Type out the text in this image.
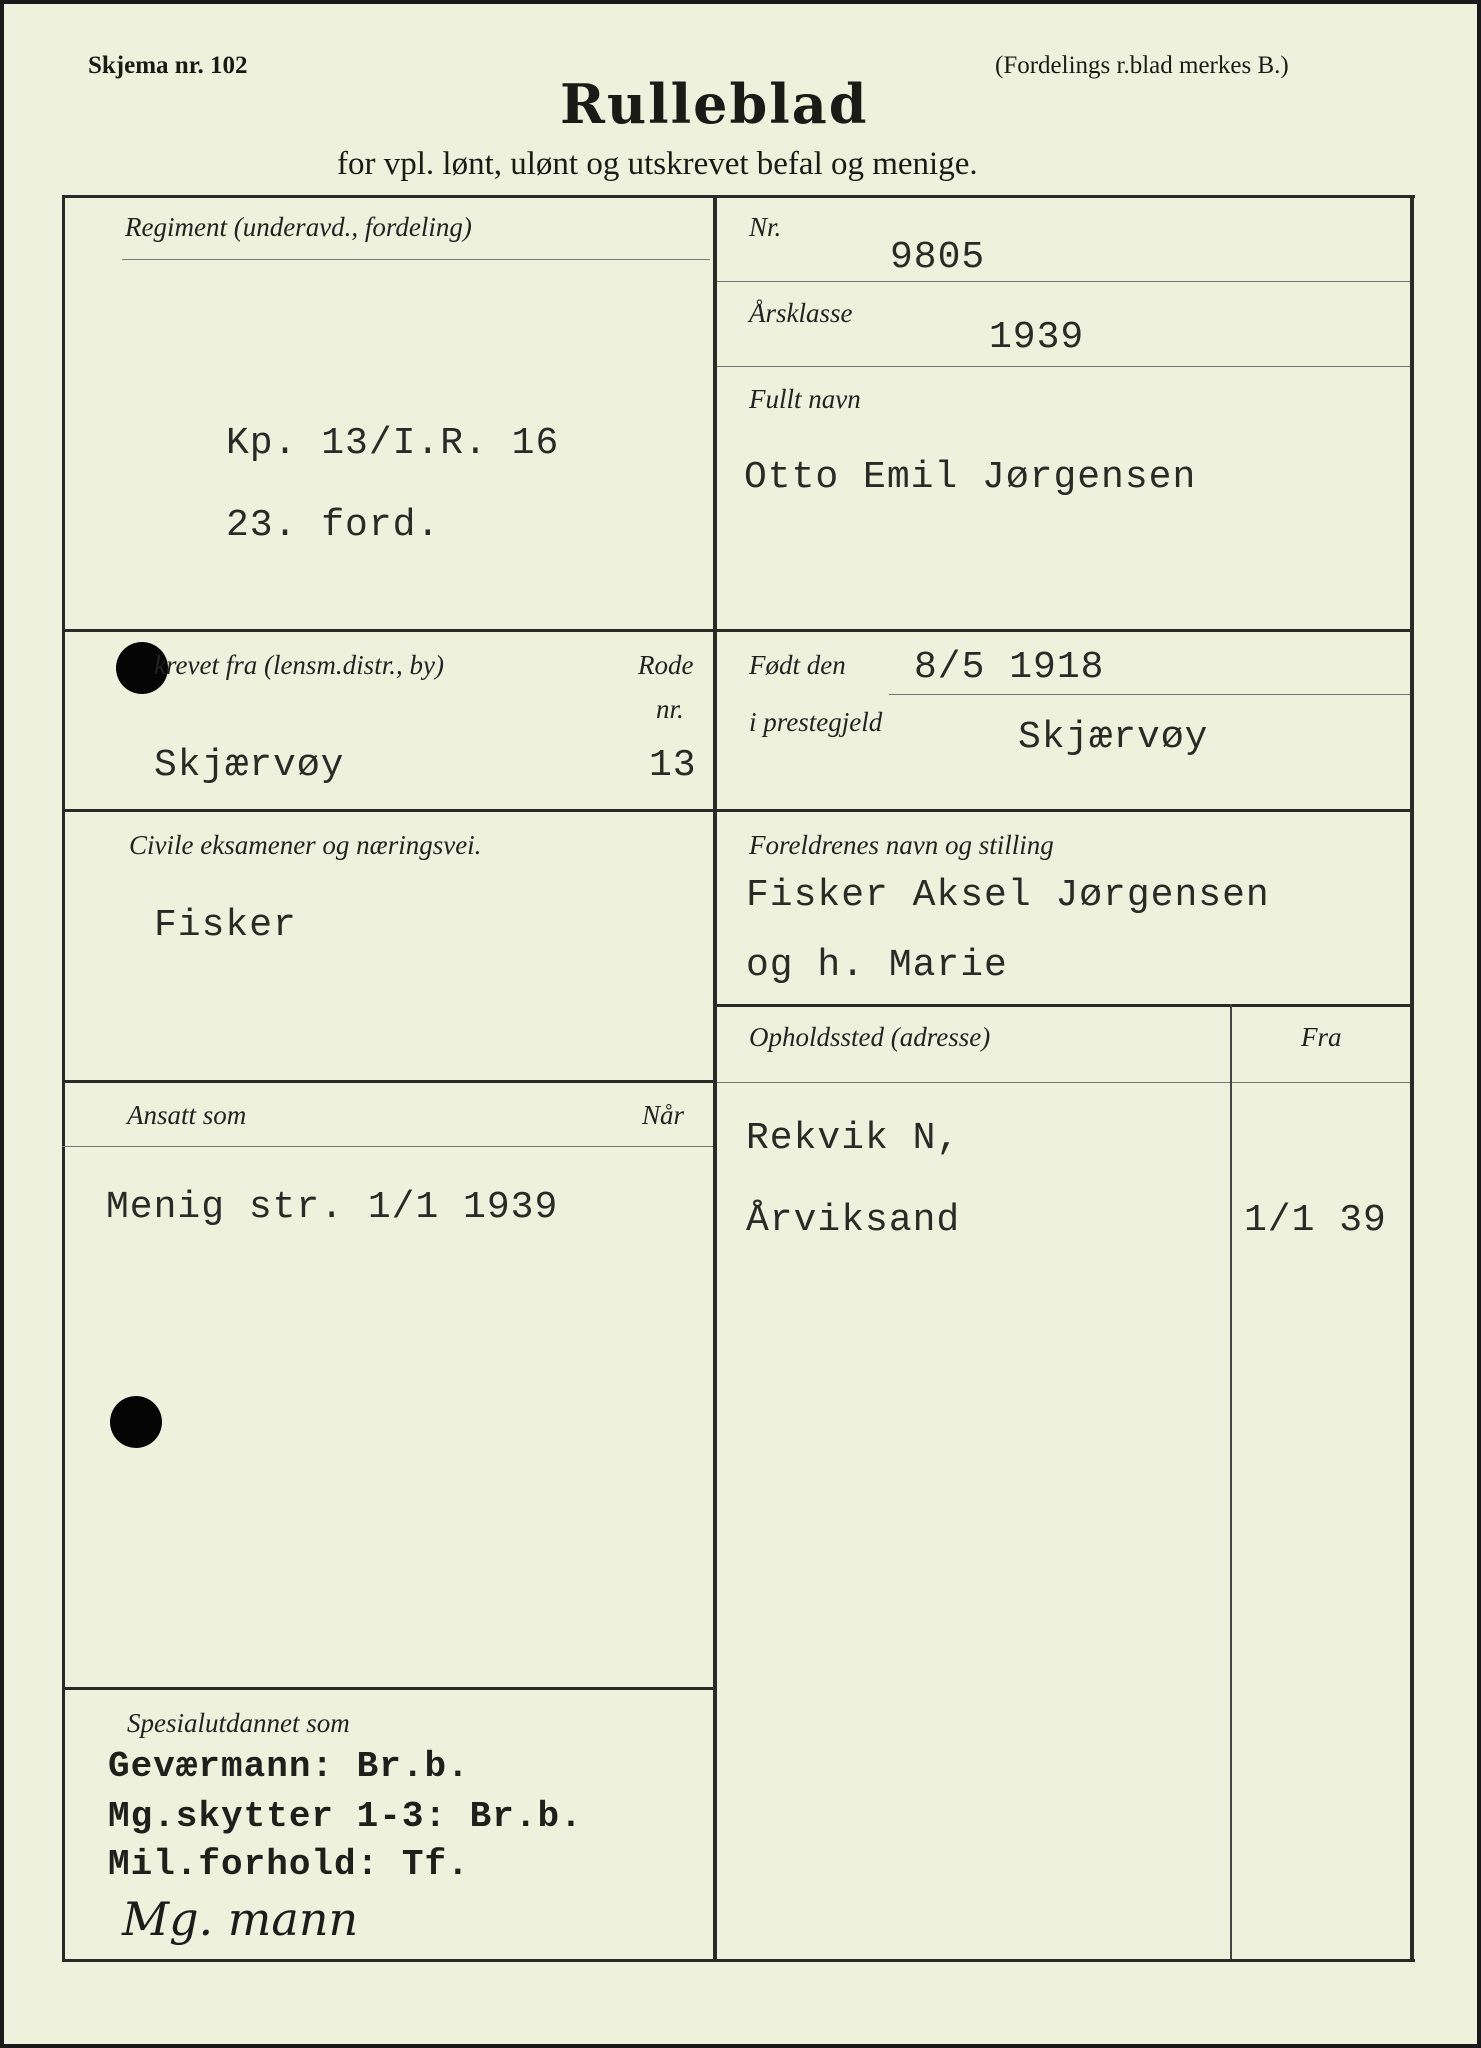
Skjema nr. 102	(Fordelings r.blad merkes B.)
Rulleblad
for vpl. lønt, ulønt og utskrevet befal og menige.
Regiment (underavd., fordeling)
Kp. 13/I.R. 16
23. ford.
Nr.
9805
Årsklasse
1939
Fullt navn
Otto Emil Jørgensen
krevet fra (lensm.distr., by)	Rode
nr.
Skjærvøy	13
Født den 8/5 1918
i prestegjeld	Skjærvøy
Civile eksamener og næringsvei.
Fisker
Foreldrenes navn og stilling
Fisker Aksel Jørgensen
og h. Marie
Opholdssted (adresse)	Fra
Rekvik N,
Årviksand	1/1 39
Ansatt som	Når
Menig str. 1/1 1939
Spesialutdannet som
Geværmann: Br.b.
Mg.skytter 1-3: Br.b.
Mil.forhold: Tf.
Mg. mann
